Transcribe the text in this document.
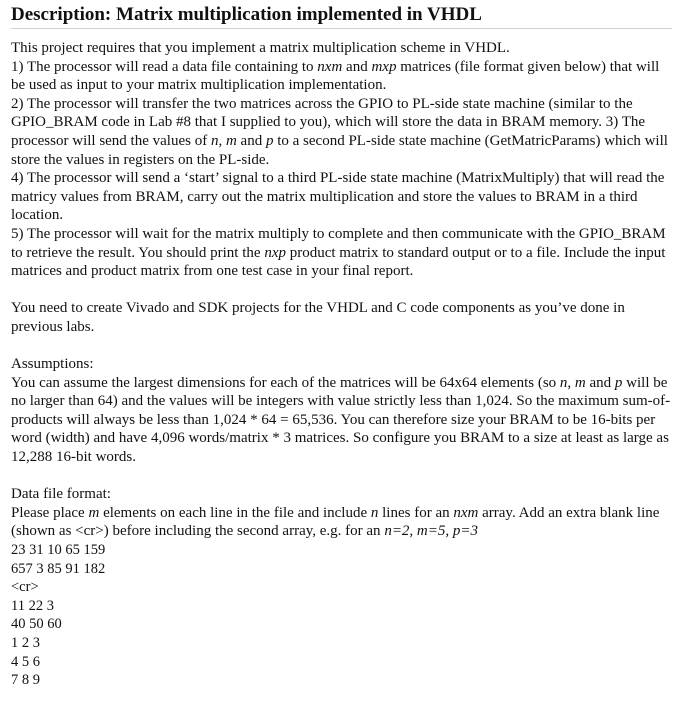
Description: Matrix multiplication implemented in VHDL

This project requires that you implement a matrix multiplication scheme in VHDL.

1) The processor will read a data file containing to nxm and mxp matrices (file format given below) that will be used as input to your matrix multiplication implementation.

2) The processor will transfer the two matrices across the GPIO to PL-side state machine (similar to the GPIO_BRAM code in Lab #8 that I supplied to you), which will store the data in BRAM memory. 3) The processor will send the values of n, m and p to a second PL-side state machine (GetMatricParams) which will store the values in registers on the PL-side.

4) The processor will send a ‘start’ signal to a third PL-side state machine (MatrixMultiply) that will read the matricy values from BRAM, carry out the matrix multiplication and store the values to BRAM in a third location.

5) The processor will wait for the matrix multiply to complete and then communicate with the GPIO_BRAM to retrieve the result. You should print the nxp product matrix to standard output or to a file. Include the input matrices and product matrix from one test case in your final report.

You need to create Vivado and SDK projects for the VHDL and C code components as you’ve done in previous labs.

Assumptions:

You can assume the largest dimensions for each of the matrices will be 64x64 elements (so n, m and p will be no larger than 64) and the values will be integers with value strictly less than 1,024. So the maximum sum-of-products will always be less than 1,024 * 64 = 65,536. You can therefore size your BRAM to be 16-bits per word (width) and have 4,096 words/matrix * 3 matrices. So configure you BRAM to a size at least as large as 12,288 16-bit words.

Data file format:

Please place m elements on each line in the file and include n lines for an nxm array. Add an extra blank line (shown as <cr>) before including the second array, e.g. for an n=2, m=5, p=3

23 31 10 65 159

657 3 85 91 182

<cr>

11 22 3

40 50 60

1 2 3

4 5 6

7 8 9
